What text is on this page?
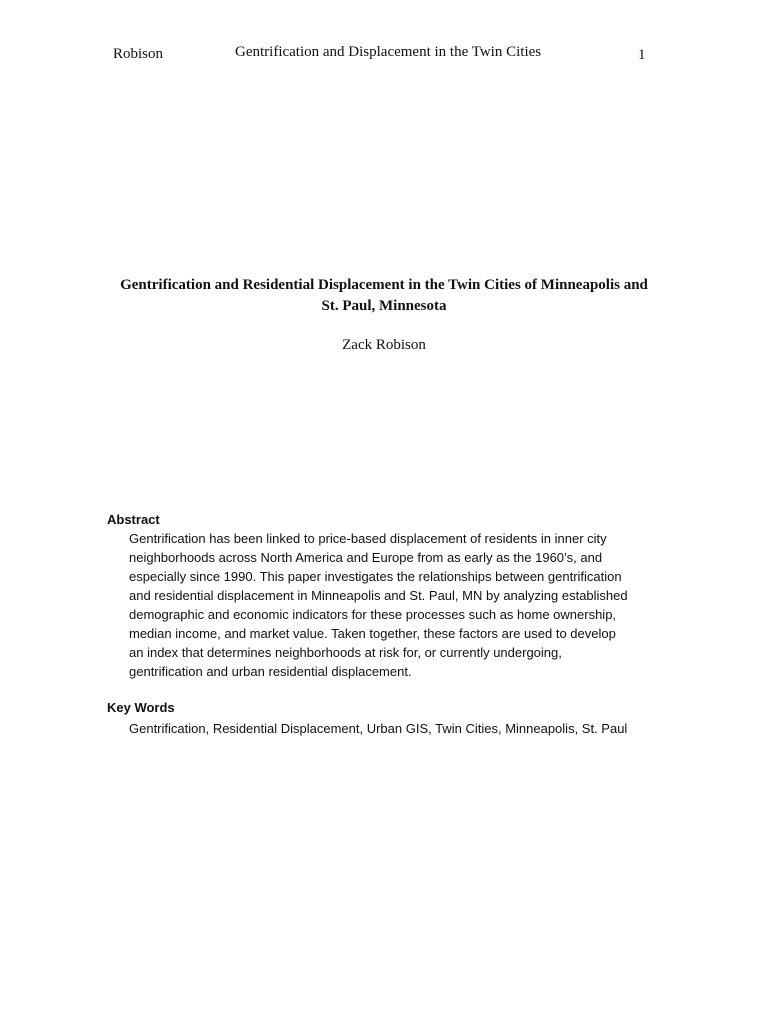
Robison	Gentrification and Displacement in the Twin Cities	1
Gentrification and Residential Displacement in the Twin Cities of Minneapolis and
St. Paul, Minnesota
Zack Robison
Abstract
Gentrification has been linked to price-based displacement of residents in inner city
neighborhoods across North America and Europe from as early as the 1960’s, and
especially since 1990. This paper investigates the relationships between gentrification
and residential displacement in Minneapolis and St. Paul, MN by analyzing established
demographic and economic indicators for these processes such as home ownership,
median income, and market value. Taken together, these factors are used to develop
an index that determines neighborhoods at risk for, or currently undergoing,
gentrification and urban residential displacement.
Key Words
Gentrification, Residential Displacement, Urban GIS, Twin Cities, Minneapolis, St. Paul
